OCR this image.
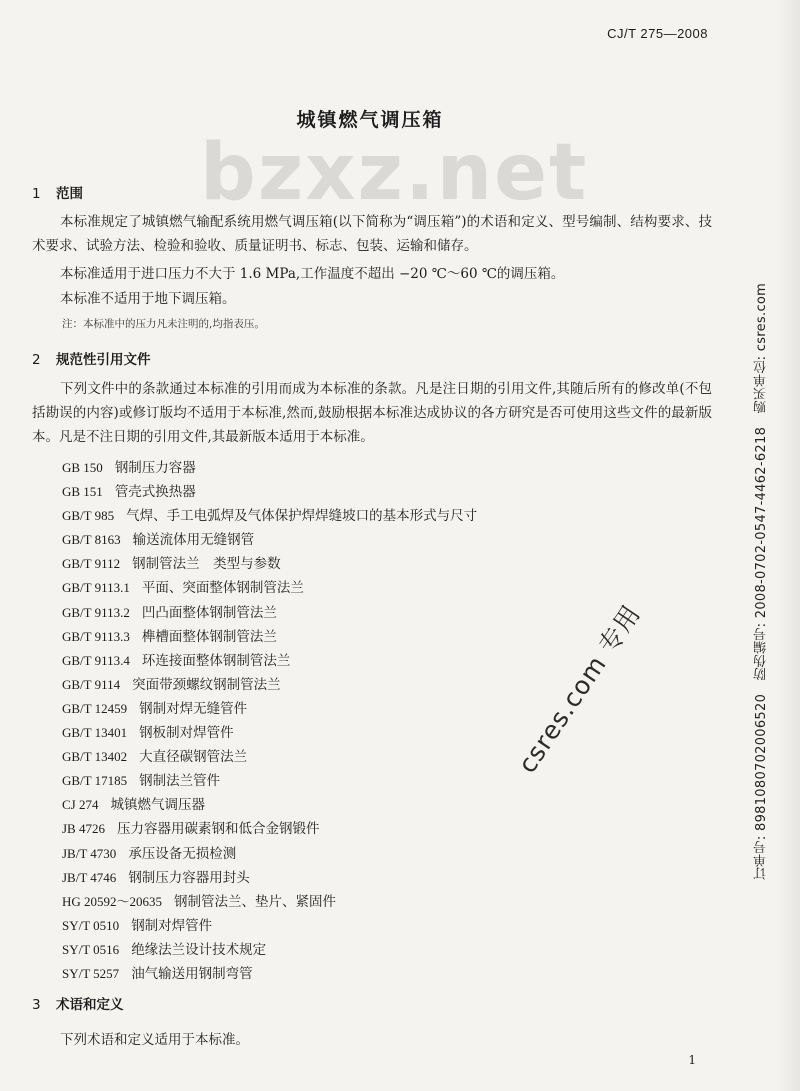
CJ/T 275—2008
城镇燃气调压箱
bzxz.net
1 范围
本标准规定了城镇燃气输配系统用燃气调压箱(以下简称为“调压箱”)的术语和定义、型号编制、结构要求、技术要求、试验方法、检验和验收、质量证明书、标志、包装、运输和储存。
本标准适用于进口压力不大于 1.6 MPa,工作温度不超出 −20 ℃～60 ℃的调压箱。
本标准不适用于地下调压箱。
注：本标准中的压力凡未注明的,均指表压。
2 规范性引用文件
下列文件中的条款通过本标准的引用而成为本标准的条款。凡是注日期的引用文件,其随后所有的修改单(不包括勘误的内容)或修订版均不适用于本标准,然而,鼓励根据本标准达成协议的各方研究是否可使用这些文件的最新版本。凡是不注日期的引用文件,其最新版本适用于本标准。
GB 150 钢制压力容器
GB 151 管壳式换热器
GB/T 985 气焊、手工电弧焊及气体保护焊焊缝坡口的基本形式与尺寸
GB/T 8163 输送流体用无缝钢管
GB/T 9112 钢制管法兰　类型与参数
GB/T 9113.1 平面、突面整体钢制管法兰
GB/T 9113.2 凹凸面整体钢制管法兰
GB/T 9113.3 榫槽面整体钢制管法兰
GB/T 9113.4 环连接面整体钢制管法兰
GB/T 9114 突面带颈螺纹钢制管法兰
GB/T 12459 钢制对焊无缝管件
GB/T 13401 钢板制对焊管件
GB/T 13402 大直径碳钢管法兰
GB/T 17185 钢制法兰管件
CJ 274 城镇燃气调压器
JB 4726 压力容器用碳素钢和低合金钢锻件
JB/T 4730 承压设备无损检测
JB/T 4746 钢制压力容器用封头
HG 20592～20635 钢制管法兰、垫片、紧固件
SY/T 0510 钢制对焊管件
SY/T 0516 绝缘法兰设计技术规定
SY/T 5257 油气输送用钢制弯管
3 术语和定义
下列术语和定义适用于本标准。
csres.com 专用	订单号: 898108070200652​0　防伪编号: 2008-0702-0547-4462-6218　购买单位: csres.com
1
